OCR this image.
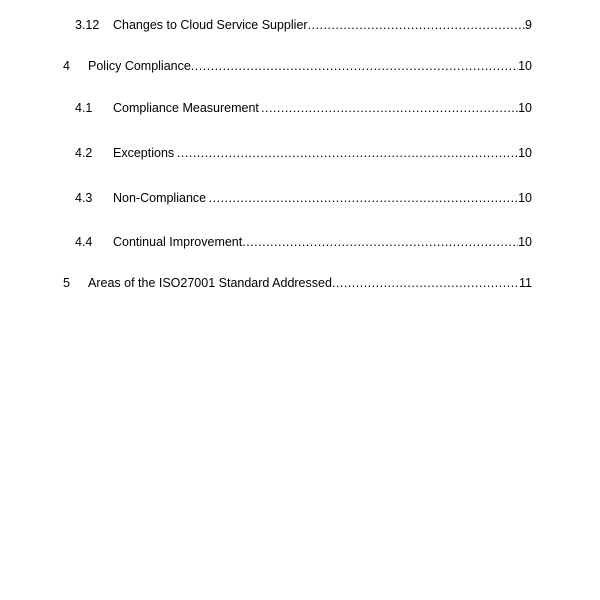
3.12 Changes to Cloud Service Supplier .....	9
4 Policy Compliance .....	10
4.1 Compliance Measurement .....	10
4.2 Exceptions .....	10
4.3 Non-Compliance .....	10
4.4 Continual Improvement .....	10
5 Areas of the ISO27001 Standard Addressed .....	11
